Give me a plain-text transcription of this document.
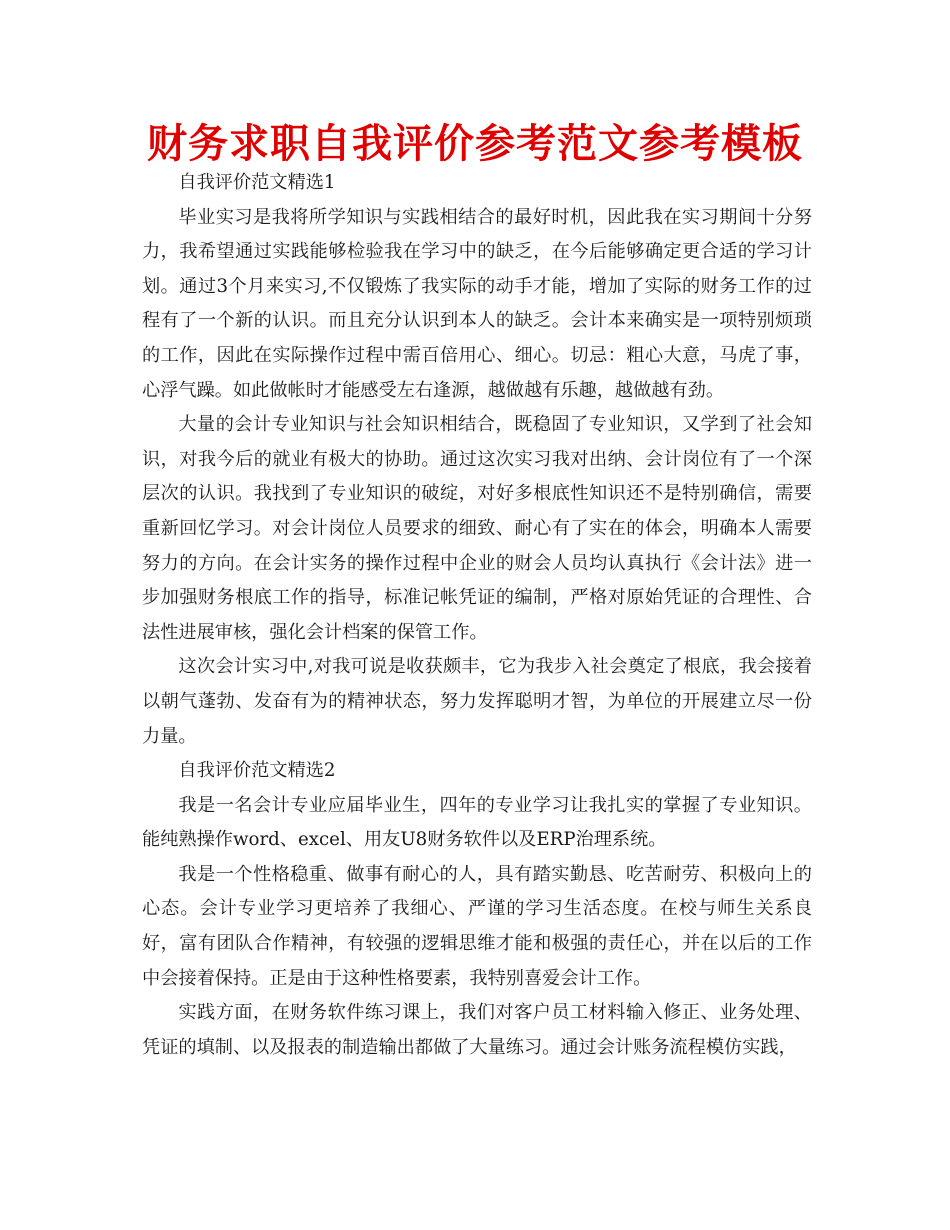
财务求职自我评价参考范文参考模板

自我评价范文精选1

毕业实习是我将所学知识与实践相结合的最好时机，因此我在实习期间十分努力，我希望通过实践能够检验我在学习中的缺乏，在今后能够确定更合适的学习计划。通过3个月来实习,不仅锻炼了我实际的动手才能，增加了实际的财务工作的过程有了一个新的认识。而且充分认识到本人的缺乏。会计本来确实是一项特别烦琐的工作，因此在实际操作过程中需百倍用心、细心。切忌：粗心大意，马虎了事，心浮气躁。如此做帐时才能感受左右逢源，越做越有乐趣，越做越有劲。

大量的会计专业知识与社会知识相结合，既稳固了专业知识，又学到了社会知识，对我今后的就业有极大的协助。通过这次实习我对出纳、会计岗位有了一个深层次的认识。我找到了专业知识的破绽，对好多根底性知识还不是特别确信，需要重新回忆学习。对会计岗位人员要求的细致、耐心有了实在的体会，明确本人需要努力的方向。在会计实务的操作过程中企业的财会人员均认真执行《会计法》进一步加强财务根底工作的指导，标准记帐凭证的编制，严格对原始凭证的合理性、合法性进展审核，强化会计档案的保管工作。

这次会计实习中,对我可说是收获颇丰，它为我步入社会奠定了根底，我会接着以朝气蓬勃、发奋有为的精神状态，努力发挥聪明才智，为单位的开展建立尽一份力量。

自我评价范文精选2

我是一名会计专业应届毕业生，四年的专业学习让我扎实的掌握了专业知识。能纯熟操作word、excel、用友U8财务软件以及ERP治理系统。

我是一个性格稳重、做事有耐心的人，具有踏实勤恳、吃苦耐劳、积极向上的心态。会计专业学习更培养了我细心、严谨的学习生活态度。在校与师生关系良好，富有团队合作精神，有较强的逻辑思维才能和极强的责任心，并在以后的工作中会接着保持。正是由于这种性格要素，我特别喜爱会计工作。

实践方面，在财务软件练习课上，我们对客户员工材料输入修正、业务处理、凭证的填制、以及报表的制造输出都做了大量练习。通过会计账务流程模仿实践，
